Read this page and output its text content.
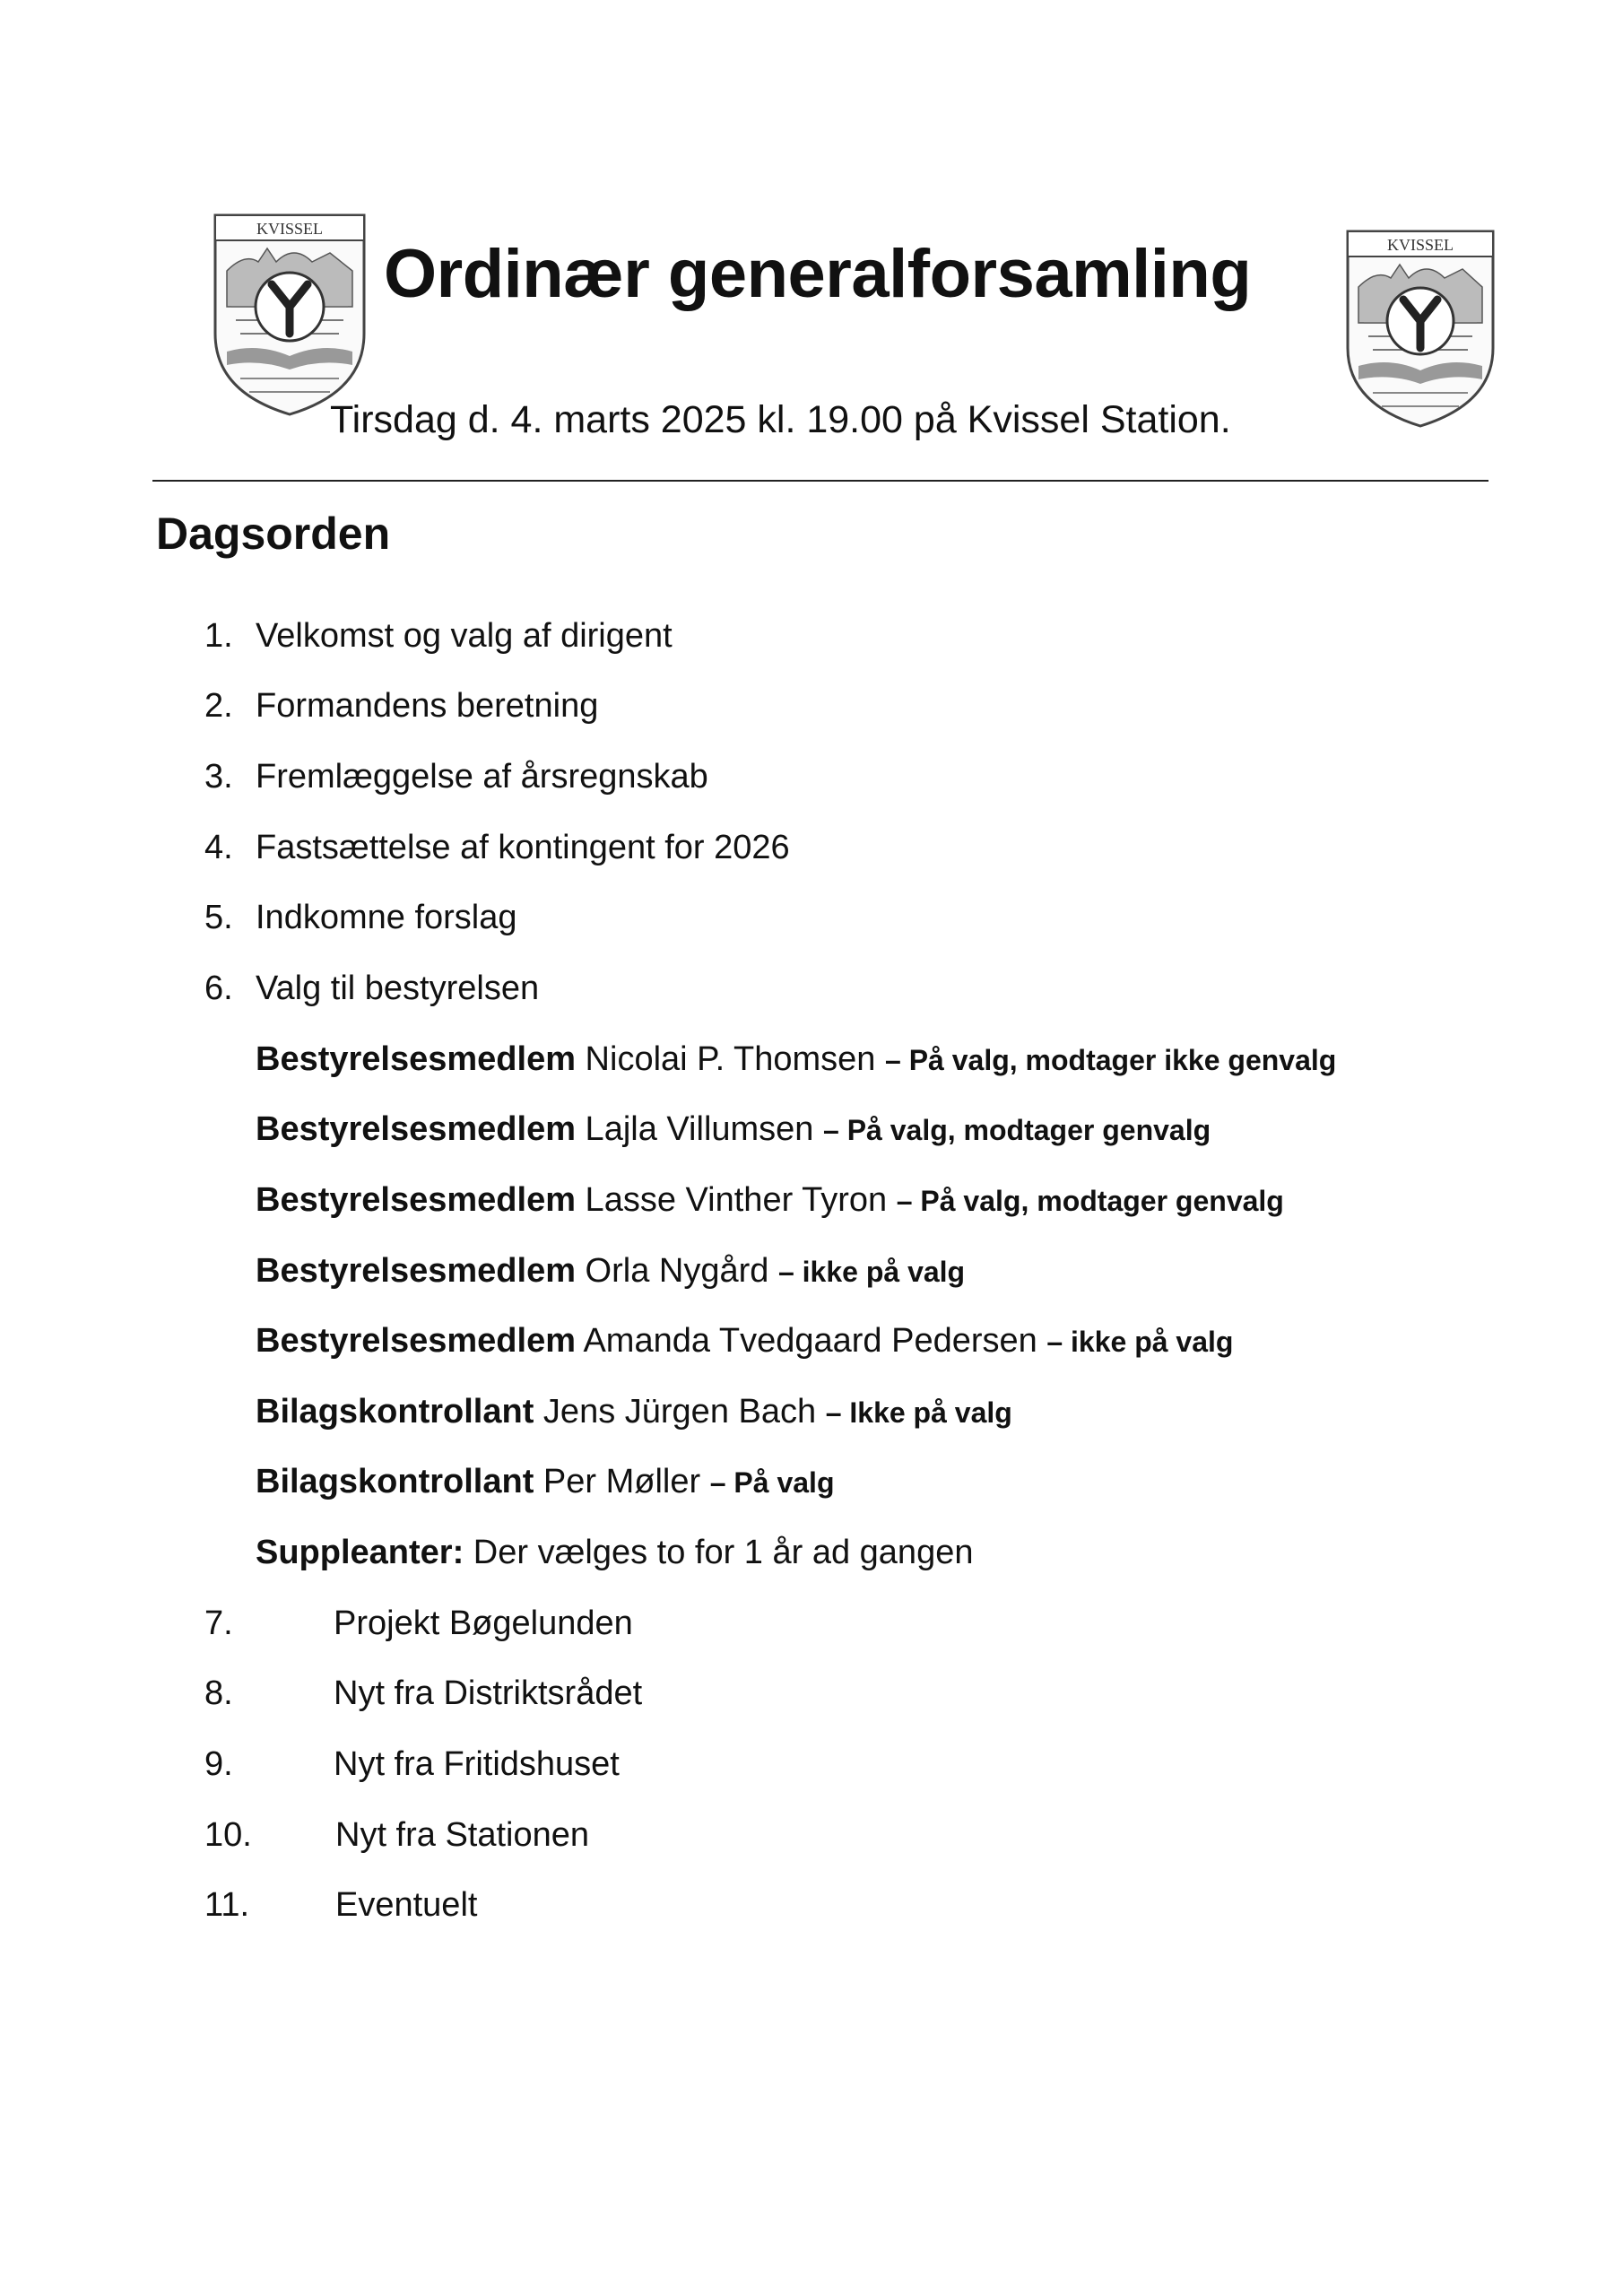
KVISSEL
Ordinær generalforsamling	KVISSEL
Tirsdag d. 4. marts 2025 kl. 19.00 på Kvissel Station.
Dagsorden
1. Velkomst og valg af dirigent
2. Formandens beretning
3. Fremlæggelse af årsregnskab
4. Fastsættelse af kontingent for 2026
5. Indkomne forslag
6. Valg til bestyrelsen
Bestyrelsesmedlem Nicolai P. Thomsen – På valg, modtager ikke genvalg
Bestyrelsesmedlem Lajla Villumsen – På valg, modtager genvalg
Bestyrelsesmedlem Lasse Vinther Tyron – På valg, modtager genvalg
Bestyrelsesmedlem Orla Nygård – ikke på valg
Bestyrelsesmedlem Amanda Tvedgaard Pedersen – ikke på valg
Bilagskontrollant Jens Jürgen Bach – Ikke på valg
Bilagskontrollant Per Møller – På valg
Suppleanter: Der vælges to for 1 år ad gangen
7.	Projekt Bøgelunden
8.	Nyt fra Distriktsrådet
9.	Nyt fra Fritidshuset
10. Nyt fra Stationen
11.	Eventuelt
